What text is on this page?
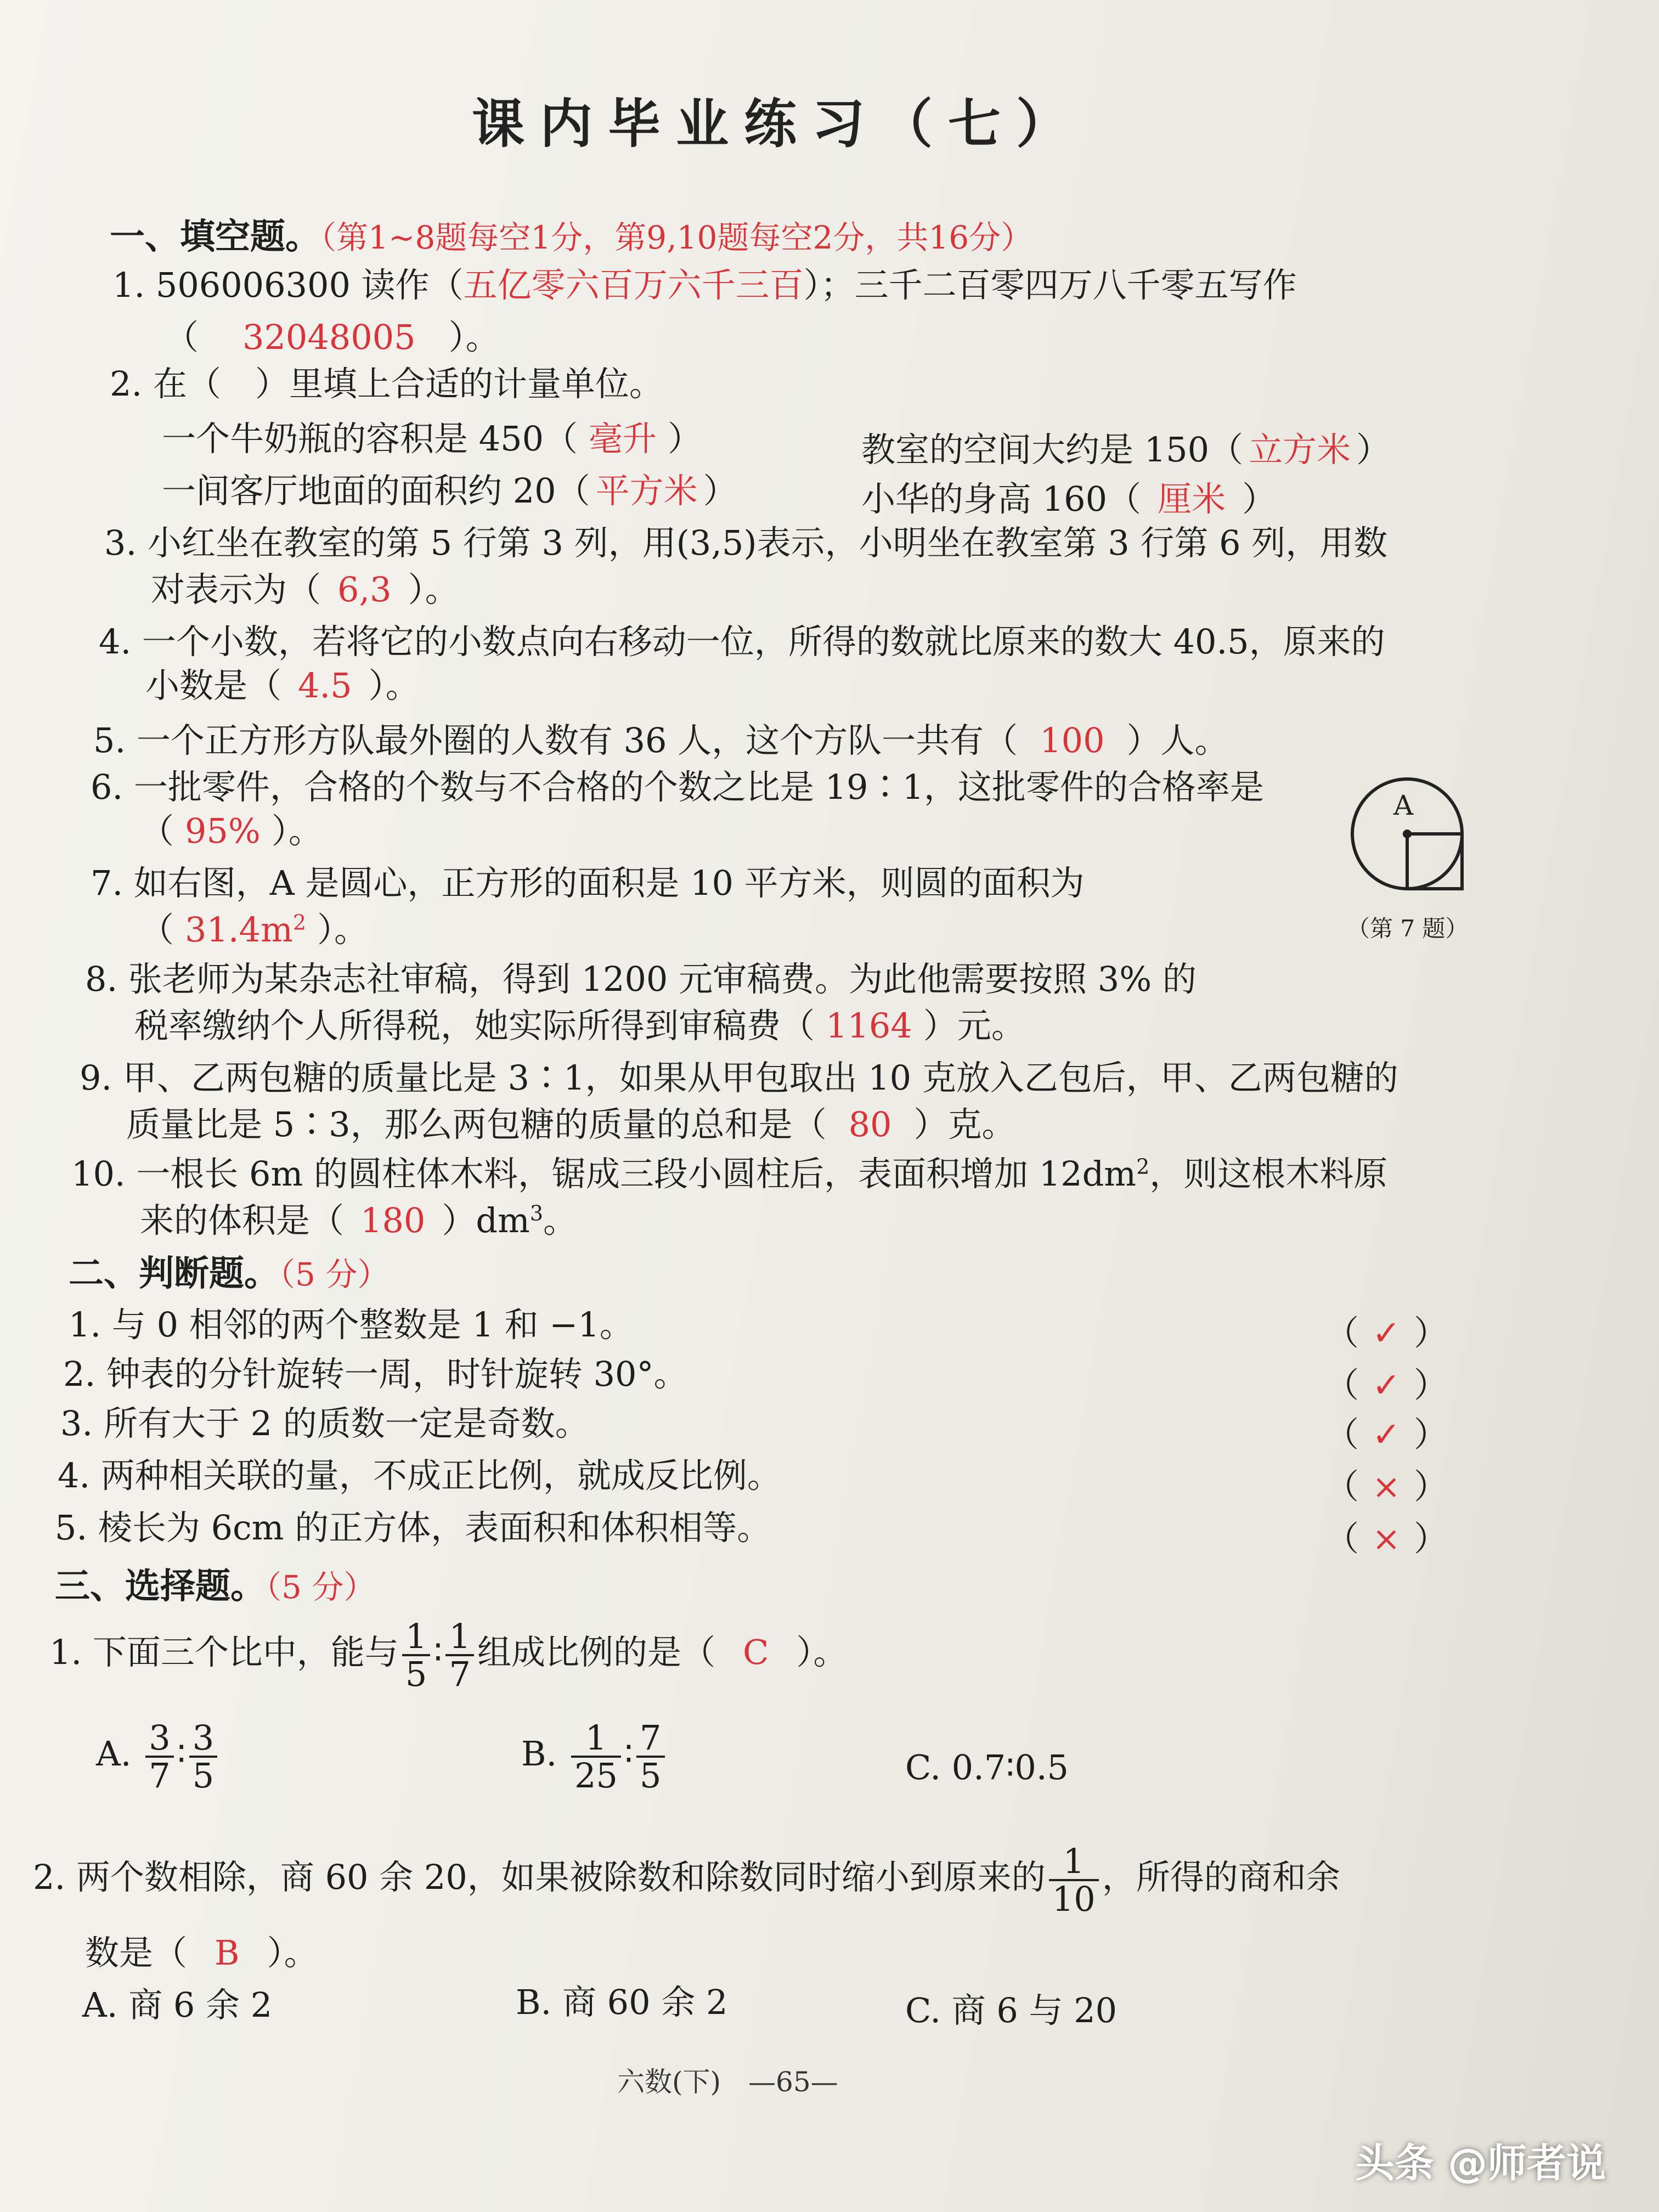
课内毕业练习（七）
一、填空题。（第1~8题每空1分，第9,10题每空2分，共16分）
1. 506006300 读作（五亿零六百万六千三百）；三千二百零四万八千零五写作
（ 32048005 ）。
2. 在（　）里填上合适的计量单位。
一个牛奶瓶的容积是 450（ 毫升 ）	教室的空间大约是 150（ 立方米 ）
一间客厅地面的面积约 20（ 平方米 ）	小华的身高 160（ 厘米 ）
3. 小红坐在教室的第 5 行第 3 列，用(3,5)表示，小明坐在教室第 3 行第 6 列，用数
对表示为（ 6,3 ）。
4. 一个小数，若将它的小数点向右移动一位，所得的数就比原来的数大 40.5，原来的
小数是（ 4.5 ）。
5. 一个正方形方队最外圈的人数有 36 人，这个方队一共有（ 100 ）人。
6. 一批零件，合格的个数与不合格的个数之比是 19∶1，这批零件的合格率是
（ 95% ）。
7. 如右图，A 是圆心，正方形的面积是 10 平方米，则圆的面积为
（ $31.4m^2$ ）。
A
（第 7 题）
8. 张老师为某杂志社审稿，得到 1200 元审稿费。为此他需要按照 3% 的
税率缴纳个人所得税，她实际所得到审稿费（ 1164 ）元。
9. 甲、乙两包糖的质量比是 3∶1，如果从甲包取出 10 克放入乙包后，甲、乙两包糖的
质量比是 5∶3，那么两包糖的质量的总和是（ 80 ）克。
10. 一根长 6m 的圆柱体木料，锯成三段小圆柱后，表面积增加 $12dm^2$，则这根木料原
来的体积是（ 180 ）$dm^3$。
二、判断题。（5 分）
1. 与 0 相邻的两个整数是 1 和 −1。	（ ✓ ）
2. 钟表的分针旋转一周，时针旋转 30°。	（ ✓ ）
3. 所有大于 2 的质数一定是奇数。	（ ✓ ）
4. 两种相关联的量，不成正比例，就成反比例。	（ × ）
5. 棱长为 6cm 的正方体，表面积和体积相等。	（ × ）
三、选择题。（5 分）
1. 下面三个比中，能与 $\frac{1}{5}$ ∶ $\frac{1}{7}$ 组成比例的是（ C ）。
A. $\frac{3}{7}$ ∶ $\frac{3}{5}$	B. $\frac{1}{25}$ ∶ $\frac{7}{5}$	C. 0.7∶0.5
2. 两个数相除，商 60 余 20，如果被除数和除数同时缩小到原来的 $\frac{1}{10}$ ，所得的商和余
数是（ B ）。
A. 商 6 余 2	B. 商 60 余 2	C. 商 6 与 20
六数(下)　—65—
头条 @师者说
